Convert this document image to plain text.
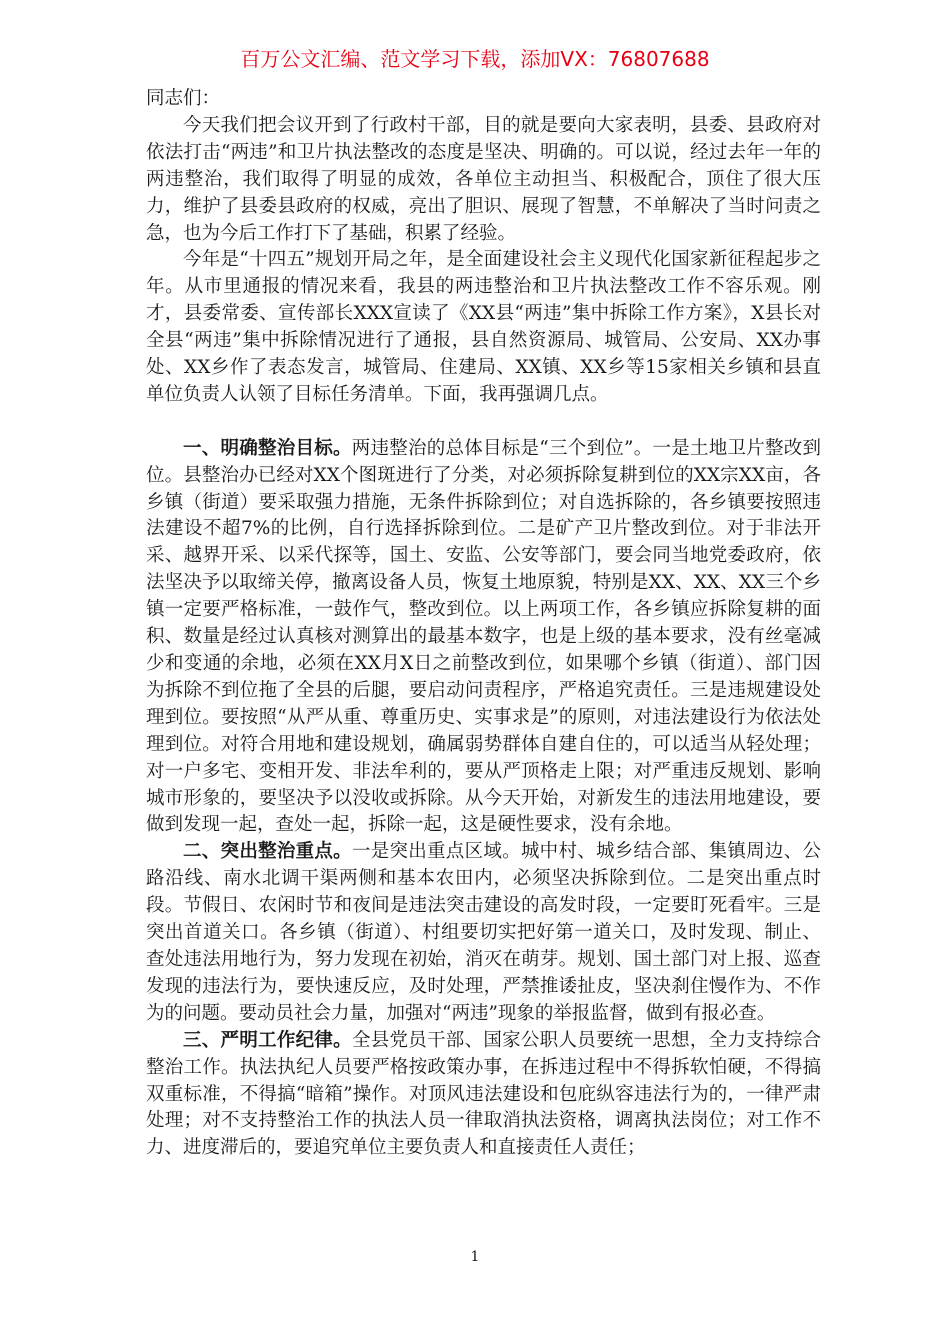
百万公文汇编、范文学习下载，添加VX：76807688

同志们：

今天我们把会议开到了行政村干部，目的就是要向大家表明，县委、县政府对依法打击“两违”和卫片执法整改的态度是坚决、明确的。可以说，经过去年一年的两违整治，我们取得了明显的成效，各单位主动担当、积极配合，顶住了很大压力，维护了县委县政府的权威，亮出了胆识、展现了智慧，不单解决了当时问责之急，也为今后工作打下了基础，积累了经验。

今年是“十四五”规划开局之年，是全面建设社会主义现代化国家新征程起步之年。从市里通报的情况来看，我县的两违整治和卫片执法整改工作不容乐观。刚才，县委常委、宣传部长XXX宣读了《XX县“两违”集中拆除工作方案》，X县长对全县“两违”集中拆除情况进行了通报，县自然资源局、城管局、公安局、XX办事处、XX乡作了表态发言，城管局、住建局、XX镇、XX乡等15家相关乡镇和县直单位负责人认领了目标任务清单。下面，我再强调几点。

一、明确整治目标。两违整治的总体目标是“三个到位”。一是土地卫片整改到位。县整治办已经对XX个图斑进行了分类，对必须拆除复耕到位的XX宗XX亩，各乡镇（街道）要采取强力措施，无条件拆除到位；对自选拆除的，各乡镇要按照违法建设不超7%的比例，自行选择拆除到位。二是矿产卫片整改到位。对于非法开采、越界开采、以采代探等，国土、安监、公安等部门，要会同当地党委政府，依法坚决予以取缔关停，撤离设备人员，恢复土地原貌，特别是XX、XX、XX三个乡镇一定要严格标准，一鼓作气，整改到位。以上两项工作，各乡镇应拆除复耕的面积、数量是经过认真核对测算出的最基本数字，也是上级的基本要求，没有丝毫减少和变通的余地，必须在XX月X日之前整改到位，如果哪个乡镇（街道）、部门因为拆除不到位拖了全县的后腿，要启动问责程序，严格追究责任。三是违规建设处理到位。要按照“从严从重、尊重历史、实事求是”的原则，对违法建设行为依法处理到位。对符合用地和建设规划，确属弱势群体自建自住的，可以适当从轻处理；对一户多宅、变相开发、非法牟利的，要从严顶格走上限；对严重违反规划、影响城市形象的，要坚决予以没收或拆除。从今天开始，对新发生的违法用地建设，要做到发现一起，查处一起，拆除一起，这是硬性要求，没有余地。

二、突出整治重点。一是突出重点区域。城中村、城乡结合部、集镇周边、公路沿线、南水北调干渠两侧和基本农田内，必须坚决拆除到位。二是突出重点时段。节假日、农闲时节和夜间是违法突击建设的高发时段，一定要盯死看牢。三是突出首道关口。各乡镇（街道）、村组要切实把好第一道关口，及时发现、制止、查处违法用地行为，努力发现在初始，消灭在萌芽。规划、国土部门对上报、巡查发现的违法行为，要快速反应，及时处理，严禁推诿扯皮，坚决刹住慢作为、不作为的问题。要动员社会力量，加强对“两违”现象的举报监督，做到有报必查。

三、严明工作纪律。全县党员干部、国家公职人员要统一思想，全力支持综合整治工作。执法执纪人员要严格按政策办事，在拆违过程中不得拆软怕硬，不得搞双重标准，不得搞“暗箱”操作。对顶风违法建设和包庇纵容违法行为的，一律严肃处理；对不支持整治工作的执法人员一律取消执法资格，调离执法岗位；对工作不力、进度滞后的，要追究单位主要负责人和直接责任人责任；

1
